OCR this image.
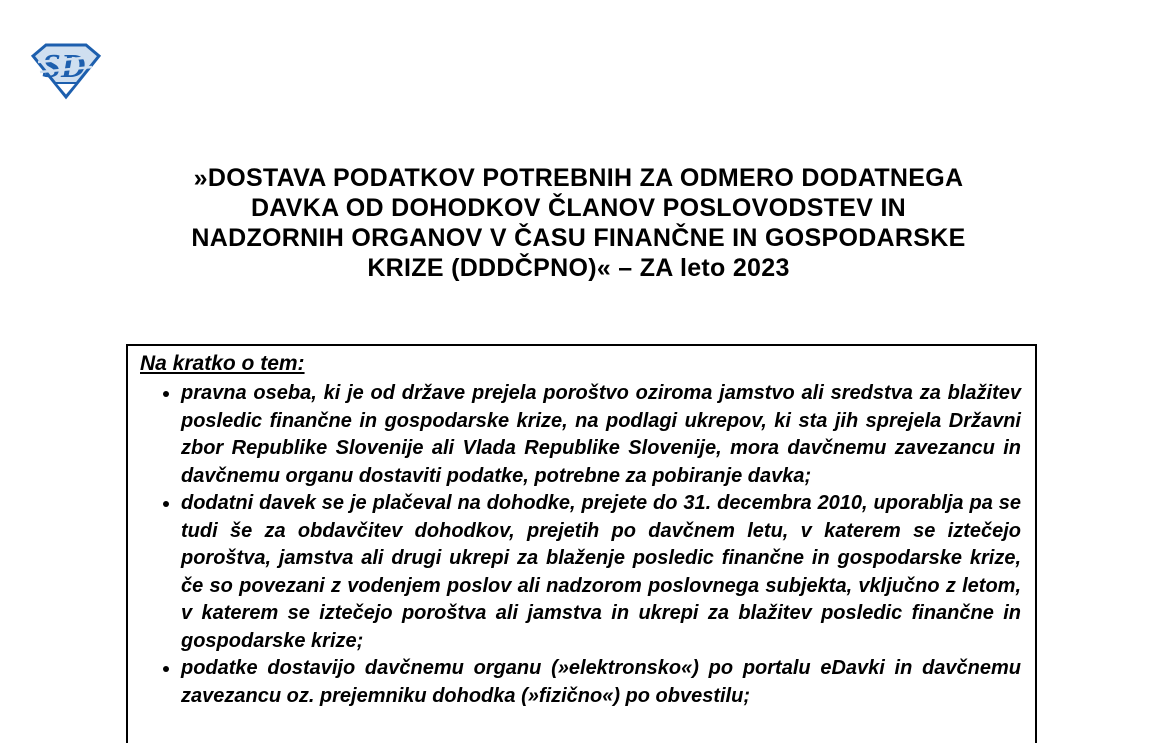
SD
»DOSTAVA PODATKOV POTREBNIH ZA ODMERO DODATNEGA
DAVKA OD DOHODKOV ČLANOV POSLOVODSTEV IN
NADZORNIH ORGANOV V ČASU FINANČNE IN GOSPODARSKE
KRIZE (DDDČPNO)« – ZA leto 2023

Na kratko o tem:

• pravna oseba, ki je od države prejela poroštvo oziroma jamstvo ali sredstva za blažitev posledic finančne in gospodarske krize, na podlagi ukrepov, ki sta jih sprejela Državni zbor Republike Slovenije ali Vlada Republike Slovenije, mora davčnemu zavezancu in davčnemu organu dostaviti podatke, potrebne za pobiranje davka;
• dodatni davek se je plačeval na dohodke, prejete do 31. decembra 2010, uporablja pa se tudi še za obdavčitev dohodkov, prejetih po davčnem letu, v katerem se iztečejo poroštva, jamstva ali drugi ukrepi za blaženje posledic finančne in gospodarske krize, če so povezani z vodenjem poslov ali nadzorom poslovnega subjekta, vključno z letom, v katerem se iztečejo poroštva ali jamstva in ukrepi za blažitev posledic finančne in gospodarske krize;
• podatke dostavijo davčnemu organu (»elektronsko«) po portalu eDavki in davčnemu zavezancu oz. prejemniku dohodka (»fizično«) po obvestilu;
